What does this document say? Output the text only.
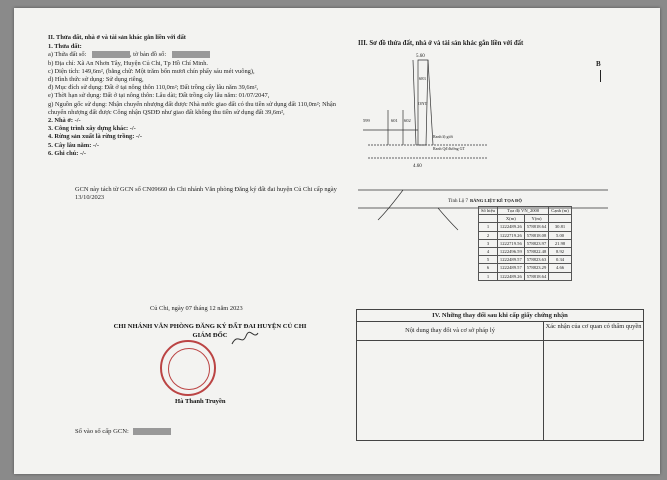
II. Thửa đất, nhà ở và tài sản khác gắn liền với đất
1. Thửa đất:
a) Thửa đất số:	, tờ bản đồ số:
b) Địa chỉ: Xã An Nhơn Tây, Huyện Củ Chi, Tp Hồ Chí Minh.
c) Diện tích: 149,6m², (bằng chữ: Một trăm bốn mươi chín phẩy sáu mét vuông),
d) Hình thức sử dụng: Sử dụng riêng,
đ) Mục đích sử dụng: Đất ở tại nông thôn 110,0m²; Đất trồng cây lâu năm 39,6m²,
e) Thời hạn sử dụng: Đất ở tại nông thôn: Lâu dài; Đất trồng cây lâu năm: 01/07/2047,
g) Nguồn gốc sử dụng: Nhận chuyển nhượng đất được Nhà nước giao đất có thu tiền sử dụng đất 110,0m²; Nhận chuyển nhượng đất được Công nhận QSDĐ như giao đất không thu tiền sử dụng đất 39,6m²,
2. Nhà ở: -/-
3. Công trình xây dựng khác: -/-
4. Rừng sản xuất là rừng trồng: -/-
5. Cây lâu năm: -/-
6. Ghi chú: -/-
GCN này tách từ GCN số CN09660 do Chi nhánh Văn phòng Đăng ký đất đai huyện Củ Chi cấp ngày 13/10/2023
Củ Chi, ngày 07 tháng 12 năm 2023
CHI NHÁNH VĂN PHÒNG ĐĂNG KÝ ĐẤT ĐAI HUYỆN CỦ CHI
GIÁM ĐỐC
Hà Thanh Truyền
Số vào sổ cấp GCN:
III. Sơ đồ thửa đất, nhà ở và tài sản khác gắn liền với đất
B
5.60
683
ONT
599	601 602
Ranh lộ giới
Ranh Qđ đường GT
4.60
Tỉnh Lộ 7 BẢNG LIỆT KÊ TỌA ĐỘ
Số hiệu	Tọa độ VN_2000		Cạnh (m)
	X(m)	Y(m)	
1	1222489.26	578818.64	30.81
2	1222719.26	578818.08	5.00
3	1222719.56	578823.97	21.98
4	1222496.59	578822.48	8.92
5	1222489.57	578823.63	0.34
6	1222489.57	578823.29	4.66
1	1222489.26	578818.64	
IV. Những thay đổi sau khi cấp giấy chứng nhận
Nội dung thay đổi và cơ sở pháp lý
Xác nhận của cơ quan có thẩm quyền
